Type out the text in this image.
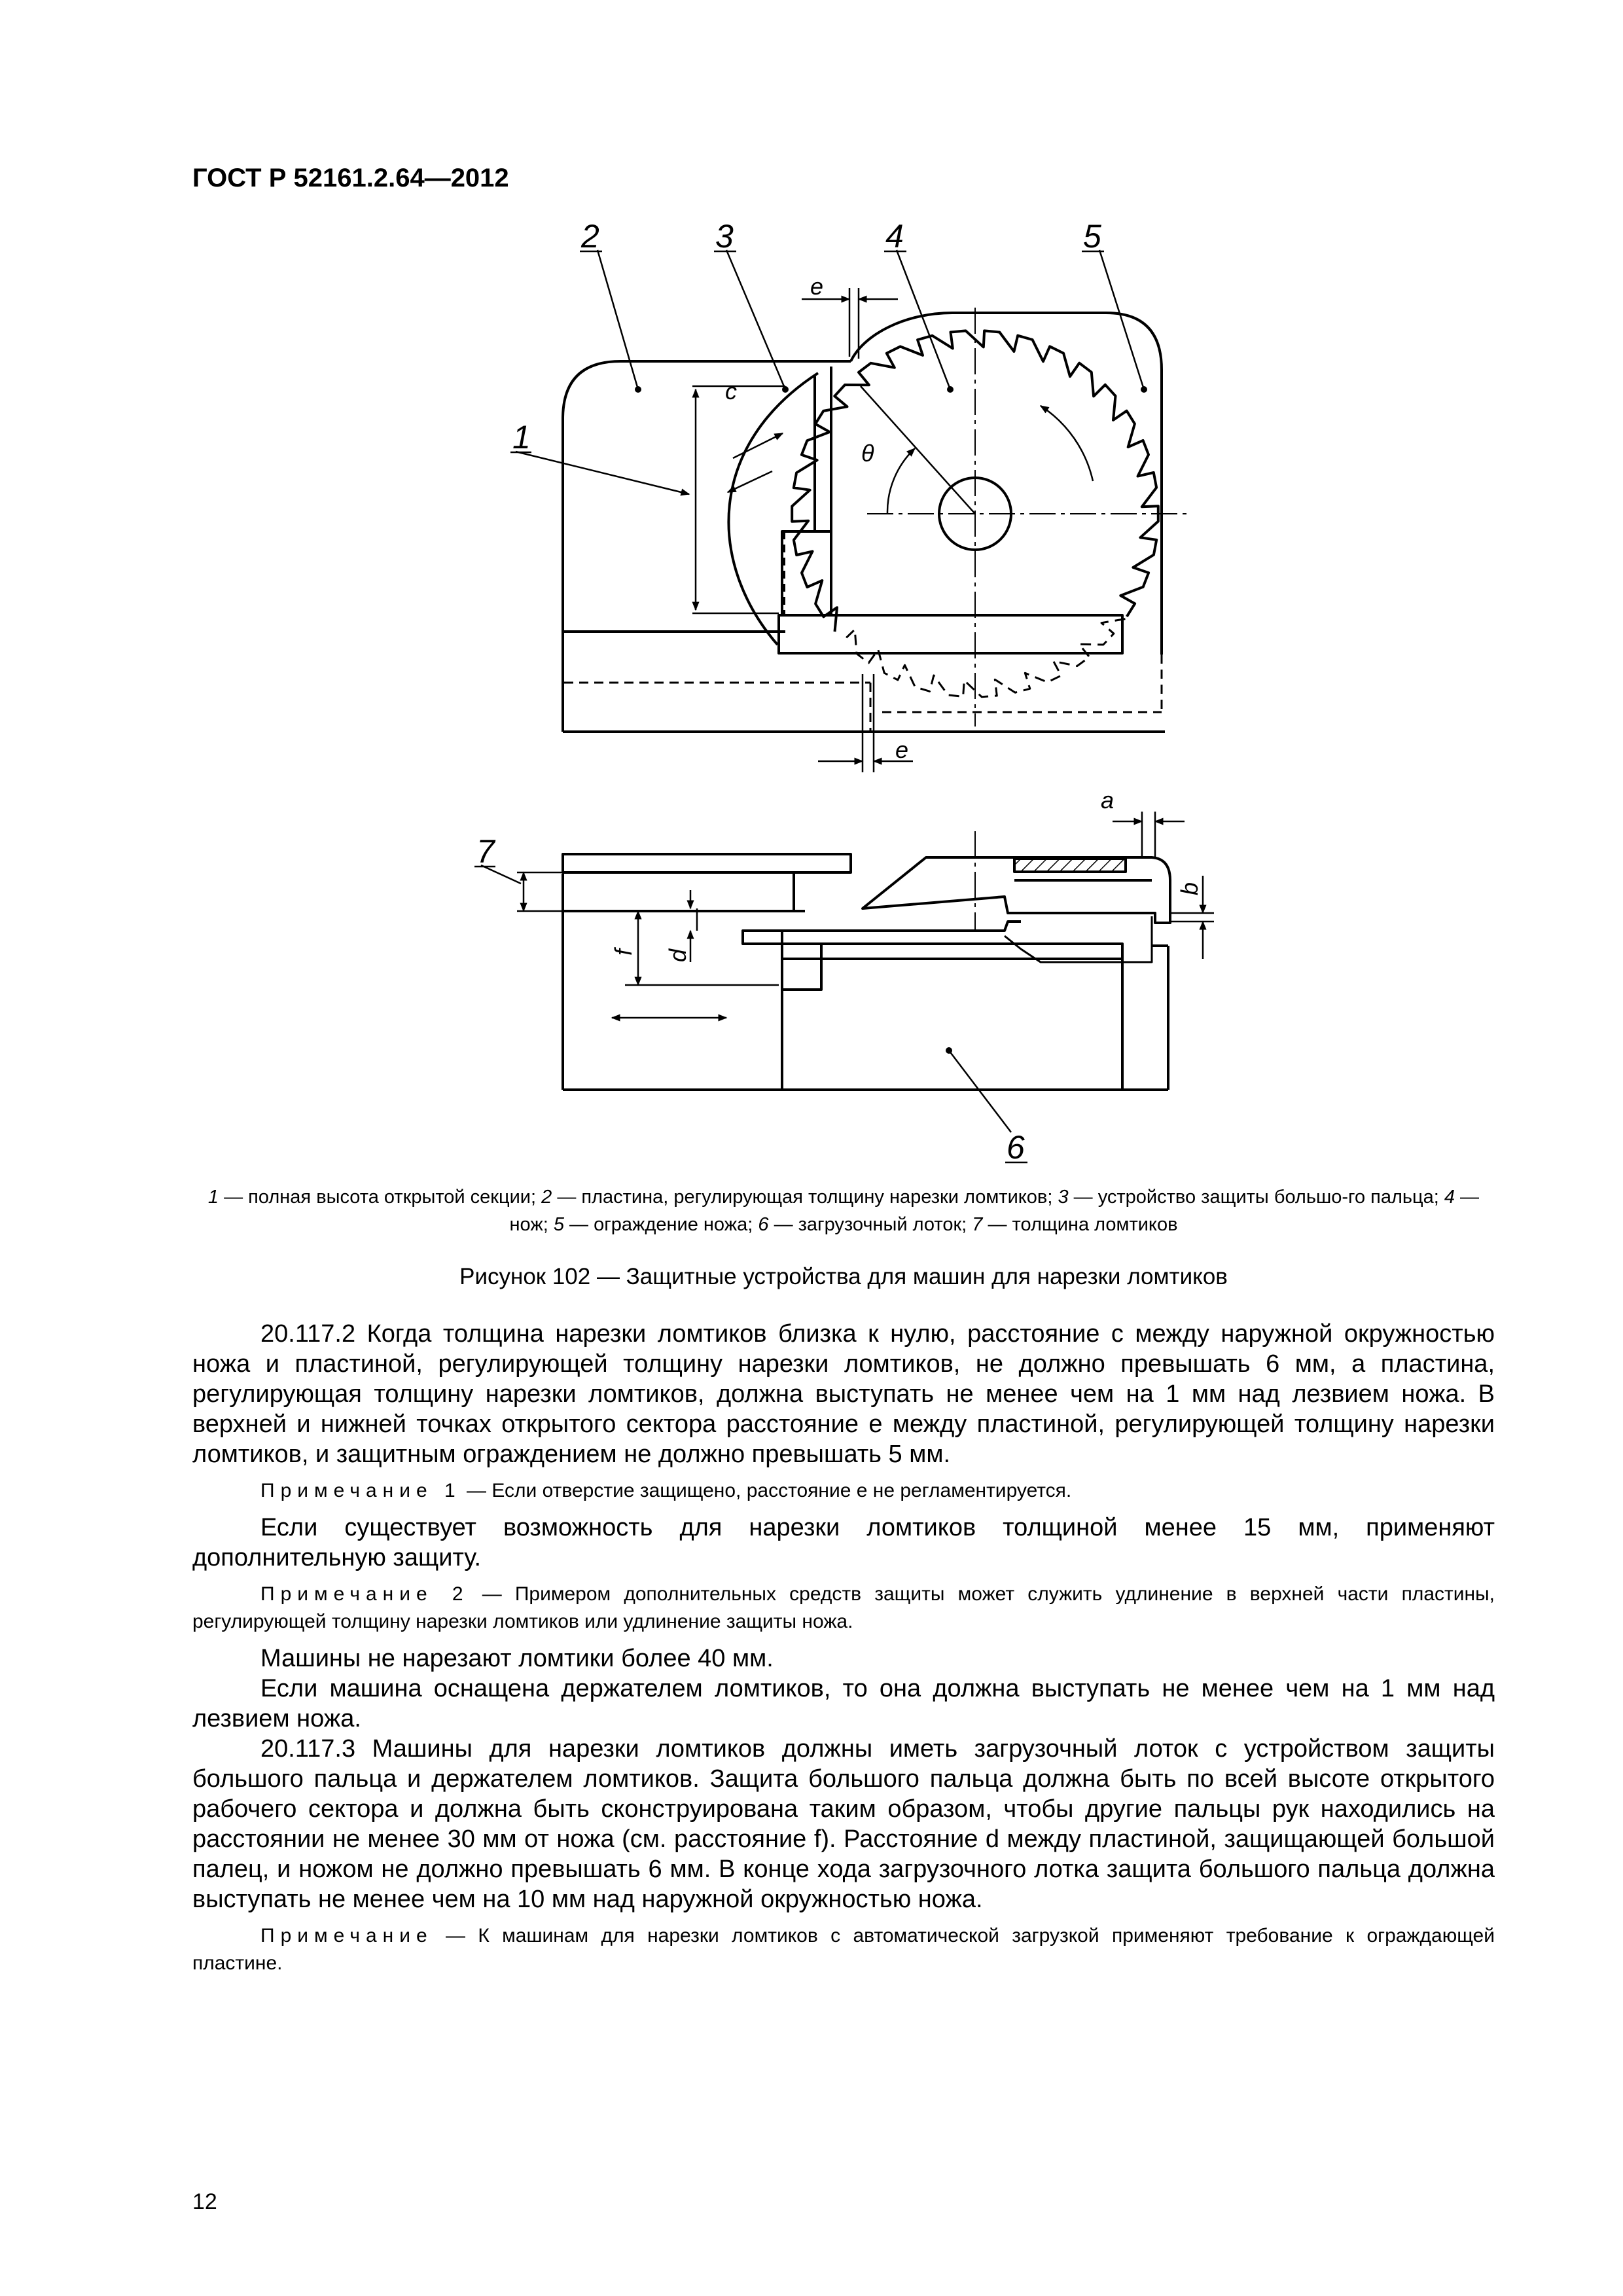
ГОСТ Р 52161.2.64—2012
2	3	4	5
1
7
6
e
e
c
θ
a
b
d
f
1 — полная высота открытой секции; 2 — пластина, регулирующая толщину нарезки ломтиков; 3 — устройство защиты большо-го пальца; 4 — нож; 5 — ограждение ножа; 6 — загрузочный лоток; 7 — толщина ломтиков
Рисунок 102 — Защитные устройства для машин для нарезки ломтиков

20.117.2 Когда толщина нарезки ломтиков близка к нулю, расстояние с между наружной окружностью ножа и пластиной, регулирующей толщину нарезки ломтиков, не должно превышать 6 мм, а пластина, регулирующая толщину нарезки ломтиков, должна выступать не менее чем на 1 мм над лезвием ножа. В верхней и нижней точках открытого сектора расстояние е между пластиной, регулирующей толщину нарезки ломтиков, и защитным ограждением не должно превышать 5 мм.

Примечание 1 — Если отверстие защищено, расстояние е не регламентируется.

Если существует возможность для нарезки ломтиков толщиной менее 15 мм, применяют дополнительную защиту.

Примечание 2 — Примером дополнительных средств защиты может служить удлинение в верхней части пластины, регулирующей толщину нарезки ломтиков или удлинение защиты ножа.

Машины не нарезают ломтики более 40 мм.

Если машина оснащена держателем ломтиков, то она должна выступать не менее чем на 1 мм над лезвием ножа.

20.117.3 Машины для нарезки ломтиков должны иметь загрузочный лоток с устройством защиты большого пальца и держателем ломтиков. Защита большого пальца должна быть по всей высоте открытого рабочего сектора и должна быть сконструирована таким образом, чтобы другие пальцы рук находились на расстоянии не менее 30 мм от ножа (см. расстояние f). Расстояние d между пластиной, защищающей большой палец, и ножом не должно превышать 6 мм. В конце хода загрузочного лотка защита большого пальца должна выступать не менее чем на 10 мм над наружной окружностью ножа.

Примечание — К машинам для нарезки ломтиков с автоматической загрузкой применяют требование к ограждающей пластине.

12
